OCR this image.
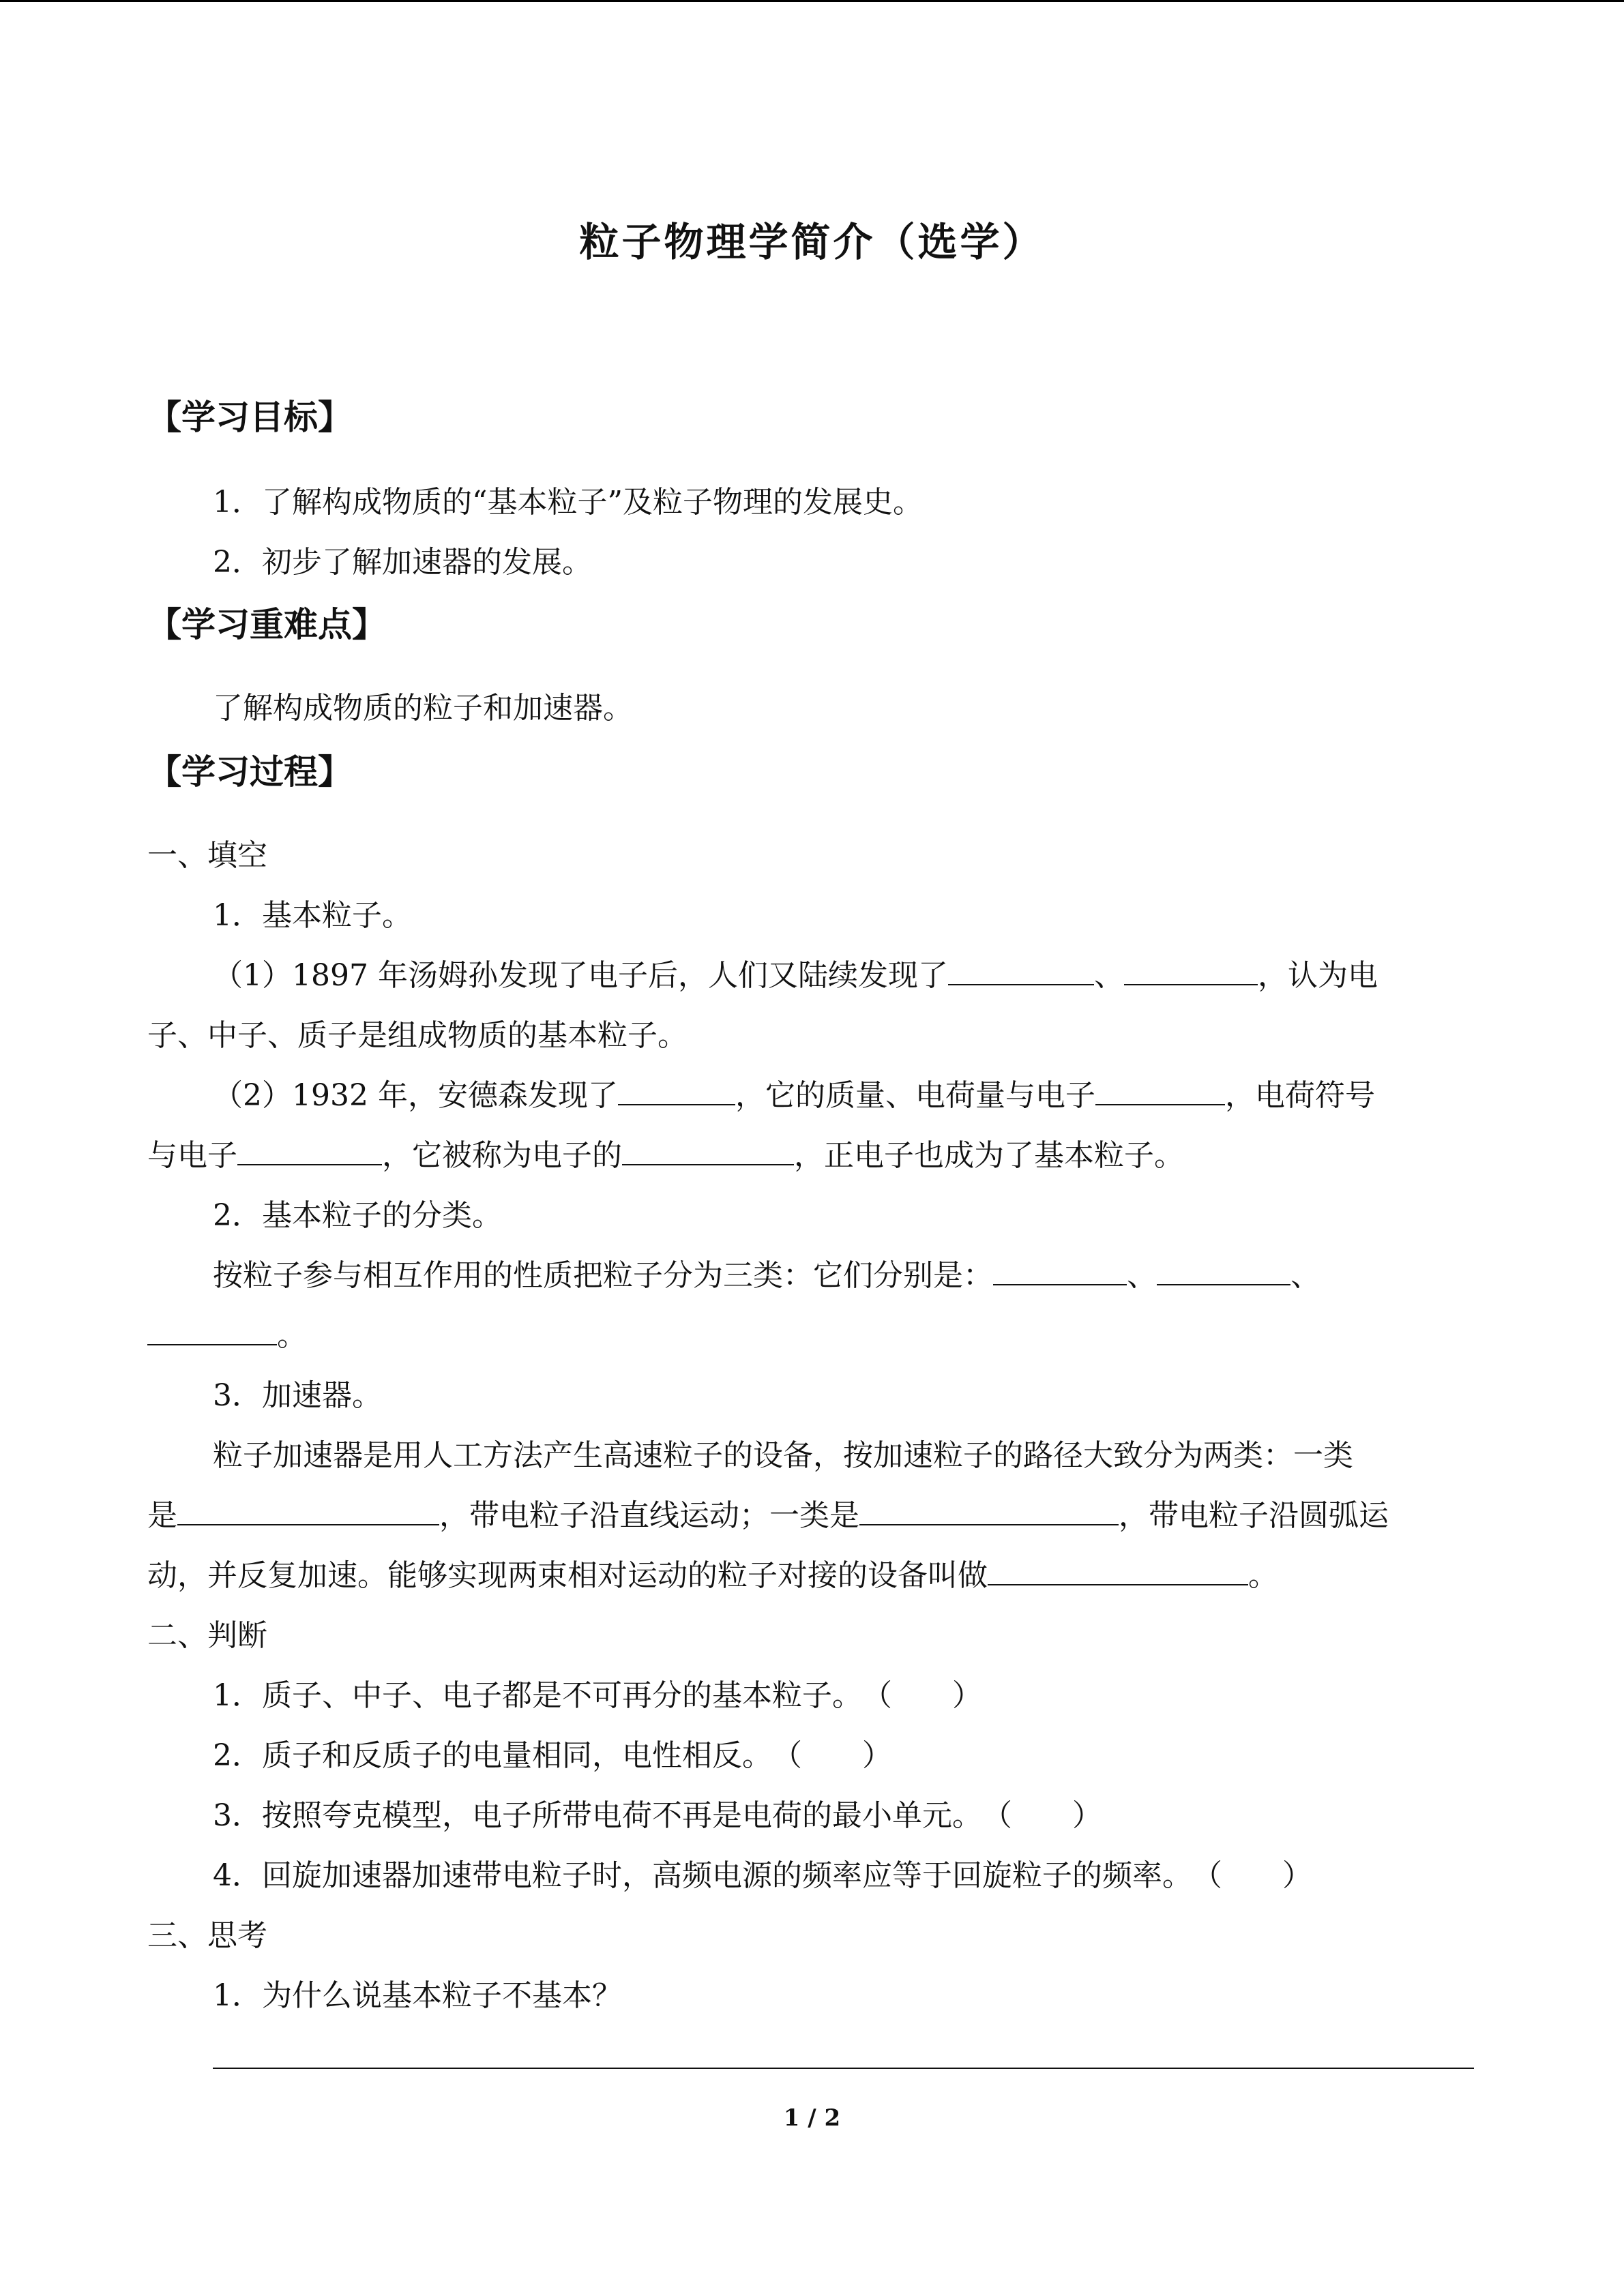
粒子物理学简介（选学）
【学习目标】
1．了解构成物质的“基本粒子”及粒子物理的发展史。
2．初步了解加速器的发展。
【学习重难点】
了解构成物质的粒子和加速器。
【学习过程】
一、填空
1．基本粒子。
（1）1897 年汤姆孙发现了电子后，人们又陆续发现了	、	，认为电
子、中子、质子是组成物质的基本粒子。
（2）1932 年，安德森发现了	，它的质量、电荷量与电子	，电荷符号
与电子	，它被称为电子的	，正电子也成为了基本粒子。
2．基本粒子的分类。
按粒子参与相互作用的性质把粒子分为三类：它们分别是：	、	、
。
3．加速器。
粒子加速器是用人工方法产生高速粒子的设备，按加速粒子的路径大致分为两类：一类
是	，带电粒子沿直线运动；一类是	，带电粒子沿圆弧运
动，并反复加速。能够实现两束相对运动的粒子对接的设备叫做	。
二、判断
1．质子、中子、电子都是不可再分的基本粒子。（　　）
2．质子和反质子的电量相同，电性相反。（　　）
3．按照夸克模型，电子所带电荷不再是电荷的最小单元。（　　）
4．回旋加速器加速带电粒子时，高频电源的频率应等于回旋粒子的频率。（　　）
三、思考
1．为什么说基本粒子不基本？
1 / 2
